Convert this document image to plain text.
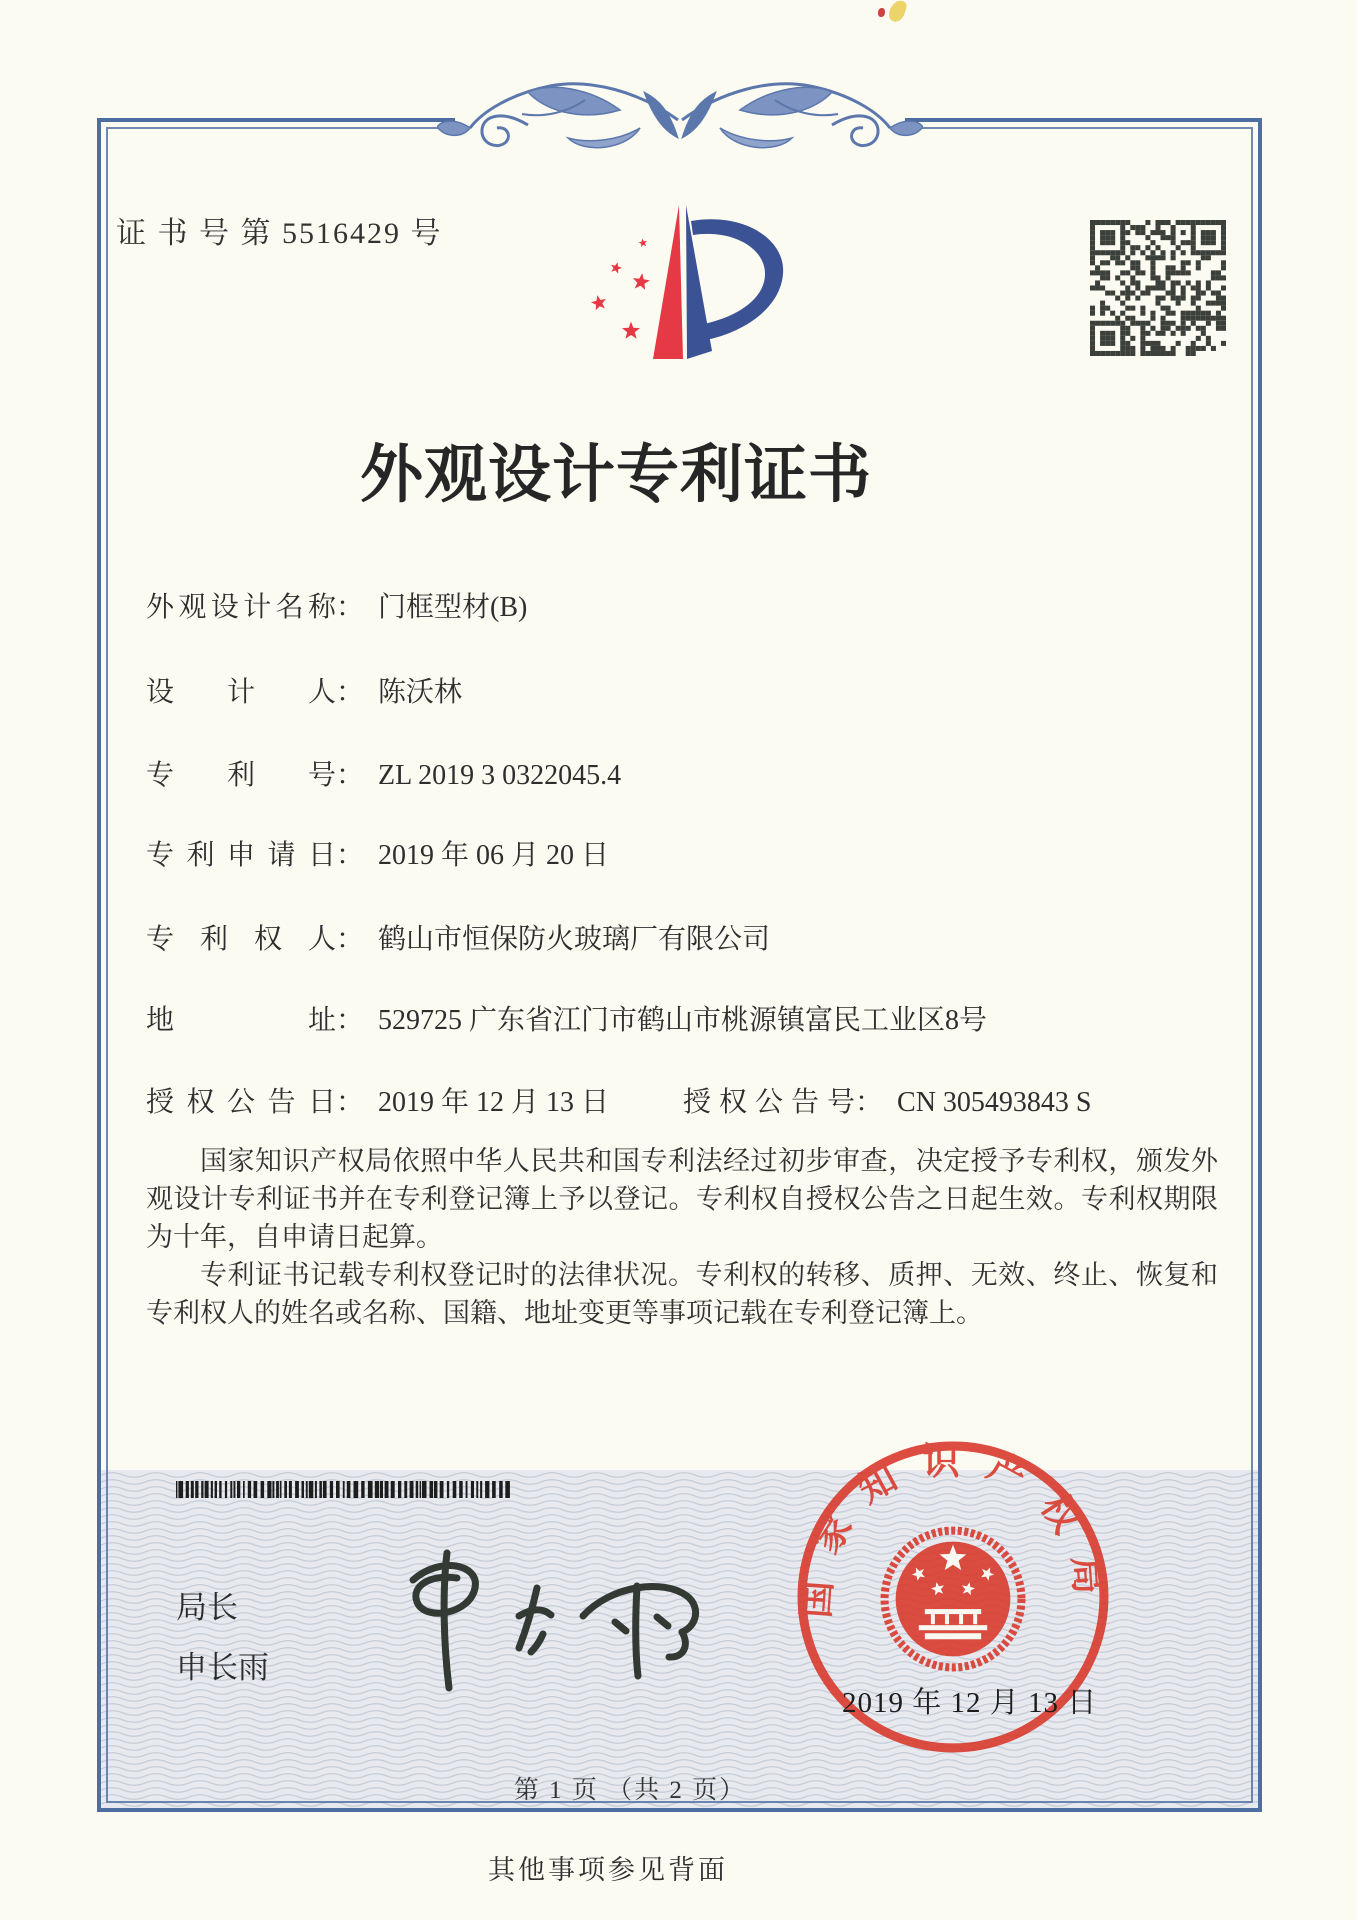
证 书 号 第 5516429 号
外观设计专利证书
外观设计名称： 门框型材(B)
设计人： 陈沃林
专利号： ZL 2019 3 0322045.4
专利申请日： 2019 年 06 月 20 日
专利权人： 鹤山市恒保防火玻璃厂有限公司
地址： 529725 广东省江门市鹤山市桃源镇富民工业区8号
授权公告日： 2019 年 12 月 13 日	授权公告号： CN 305493843 S

国家知识产权局依照中华人民共和国专利法经过初步审查，决定授予专利权，颁发外观设计专利证书并在专利登记簿上予以登记。专利权自授权公告之日起生效。专利权期限为十年，自申请日起算。

专利证书记载专利权登记时的法律状况。专利权的转移、质押、无效、终止、恢复和专利权人的姓名或名称、国籍、地址变更等事项记载在专利登记簿上。

局长
申长雨
国家知识产权局
2019 年 12 月 13 日
第 1 页 （共 2 页）
其他事项参见背面
